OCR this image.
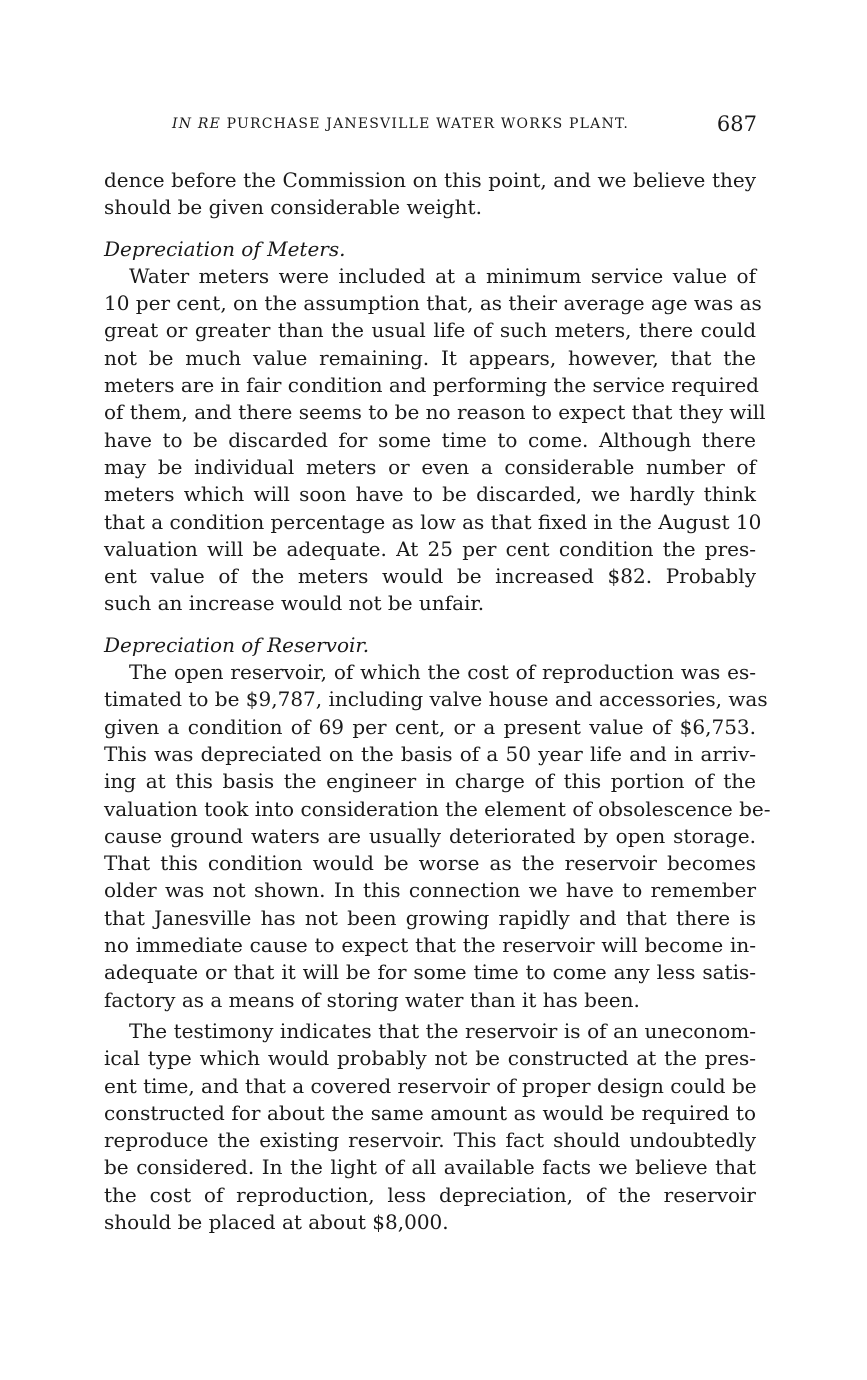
IN RE PURCHASE JANESVILLE WATER WORKS PLANT.	687
dence before the Commission on this point, and we believe they
should be given considerable weight.
Depreciation of Meters.
Water meters were included at a minimum service value of
10 per cent, on the assumption that, as their average age was as
great or greater than the usual life of such meters, there could
not be much value remaining. It appears, however, that the
meters are in fair condition and performing the service required
of them, and there seems to be no reason to expect that they will
have to be discarded for some time to come. Although there
may be individual meters or even a considerable number of
meters which will soon have to be discarded, we hardly think
that a condition percentage as low as that fixed in the August 10
valuation will be adequate. At 25 per cent condition the pres-
ent value of the meters would be increased $82. Probably
such an increase would not be unfair.
Depreciation of Reservoir.
The open reservoir, of which the cost of reproduction was es-
timated to be $9,787, including valve house and accessories, was
given a condition of 69 per cent, or a present value of $6,753.
This was depreciated on the basis of a 50 year life and in arriv-
ing at this basis the engineer in charge of this portion of the
valuation took into consideration the element of obsolescence be-
cause ground waters are usually deteriorated by open storage.
That this condition would be worse as the reservoir becomes
older was not shown. In this connection we have to remember
that Janesville has not been growing rapidly and that there is
no immediate cause to expect that the reservoir will become in-
adequate or that it will be for some time to come any less satis-
factory as a means of storing water than it has been.
The testimony indicates that the reservoir is of an uneconom-
ical type which would probably not be constructed at the pres-
ent time, and that a covered reservoir of proper design could be
constructed for about the same amount as would be required to
reproduce the existing reservoir. This fact should undoubtedly
be considered. In the light of all available facts we believe that
the cost of reproduction, less depreciation, of the reservoir
should be placed at about $8,000.
